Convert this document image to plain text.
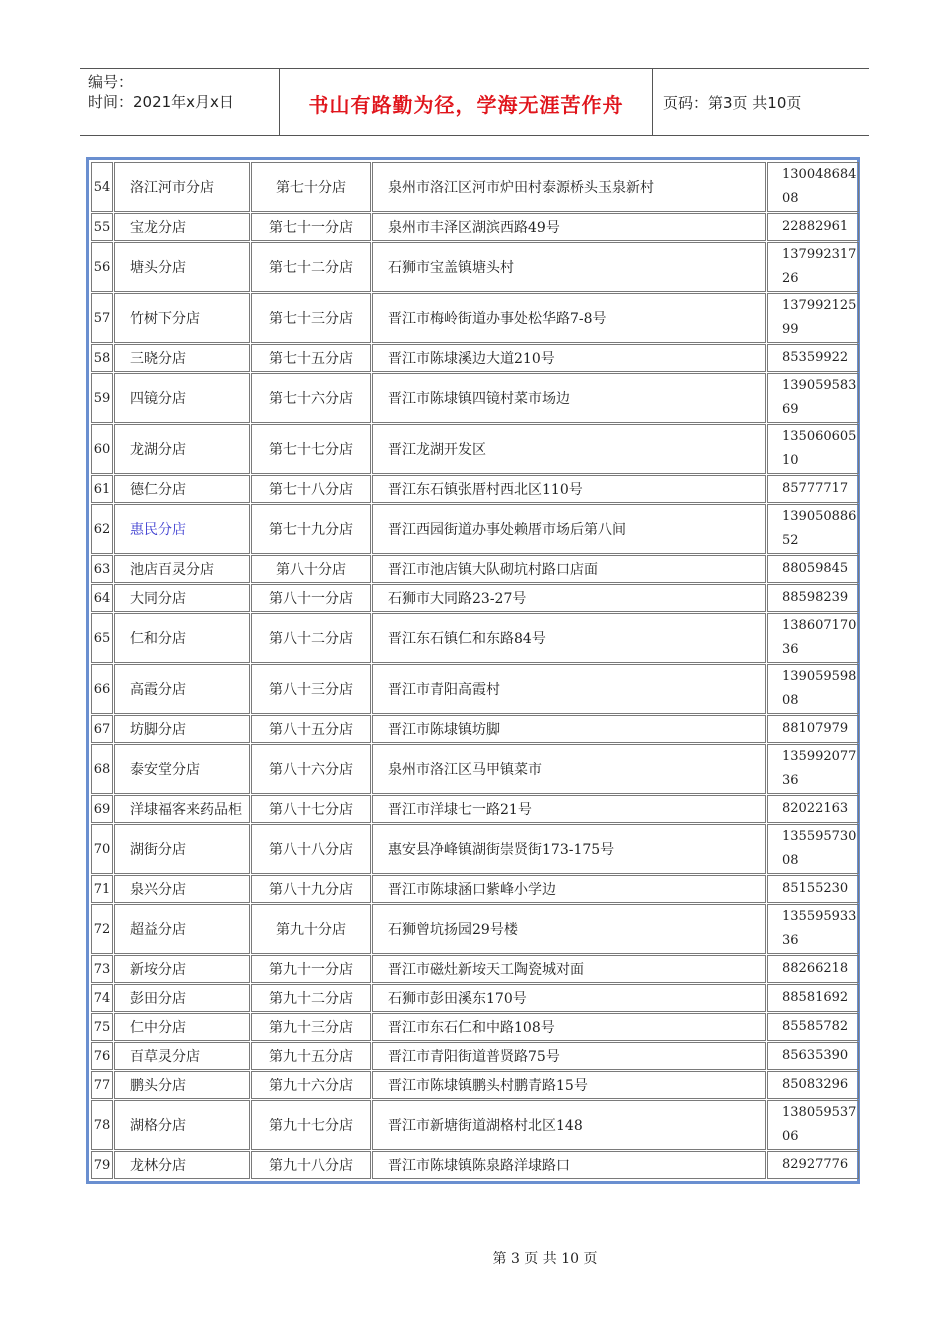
编号：
时间：2021年x月x日	书山有路勤为径，学海无涯苦作舟	页码：第3页 共10页
54	洛江河市分店	第七十分店	泉州市洛江区河市炉田村泰源桥头玉泉新村	13004868408
55	宝龙分店	第七十一分店	泉州市丰泽区湖滨西路49号	22882961
56	塘头分店	第七十二分店	石狮市宝盖镇塘头村	13799231726
57	竹树下分店	第七十三分店	晋江市梅岭街道办事处松华路7-8号	13799212599
58	三晓分店	第七十五分店	晋江市陈埭溪边大道210号	85359922
59	四镜分店	第七十六分店	晋江市陈埭镇四镜村菜市场边	13905958369
60	龙湖分店	第七十七分店	晋江龙湖开发区	13506060510
61	德仁分店	第七十八分店	晋江东石镇张厝村西北区110号	85777717
62	惠民分店	第七十九分店	晋江西园街道办事处赖厝市场后第八间	13905088652
63	池店百灵分店	第八十分店	晋江市池店镇大队砌坑村路口店面	88059845
64	大同分店	第八十一分店	石狮市大同路23-27号	88598239
65	仁和分店	第八十二分店	晋江东石镇仁和东路84号	13860717036
66	高霞分店	第八十三分店	晋江市青阳高霞村	13905959808
67	坊脚分店	第八十五分店	晋江市陈埭镇坊脚	88107979
68	泰安堂分店	第八十六分店	泉州市洛江区马甲镇菜市	13599207736
69	洋埭福客来药品柜	第八十七分店	晋江市洋埭七一路21号	82022163
70	湖街分店	第八十八分店	惠安县净峰镇湖街崇贤街173-175号	13559573008
71	泉兴分店	第八十九分店	晋江市陈埭涵口紫峰小学边	85155230
72	超益分店	第九十分店	石狮曾坑扬园29号楼	13559593336
73	新垵分店	第九十一分店	晋江市磁灶新垵天工陶瓷城对面	88266218
74	彭田分店	第九十二分店	石狮市彭田溪东170号	88581692
75	仁中分店	第九十三分店	晋江市东石仁和中路108号	85585782
76	百草灵分店	第九十五分店	晋江市青阳街道普贤路75号	85635390
77	鹏头分店	第九十六分店	晋江市陈埭镇鹏头村鹏青路15号	85083296
78	湖格分店	第九十七分店	晋江市新塘街道湖格村北区148	13805953706
79	龙林分店	第九十八分店	晋江市陈埭镇陈泉路洋埭路口	82927776
第 3 页 共 10 页
